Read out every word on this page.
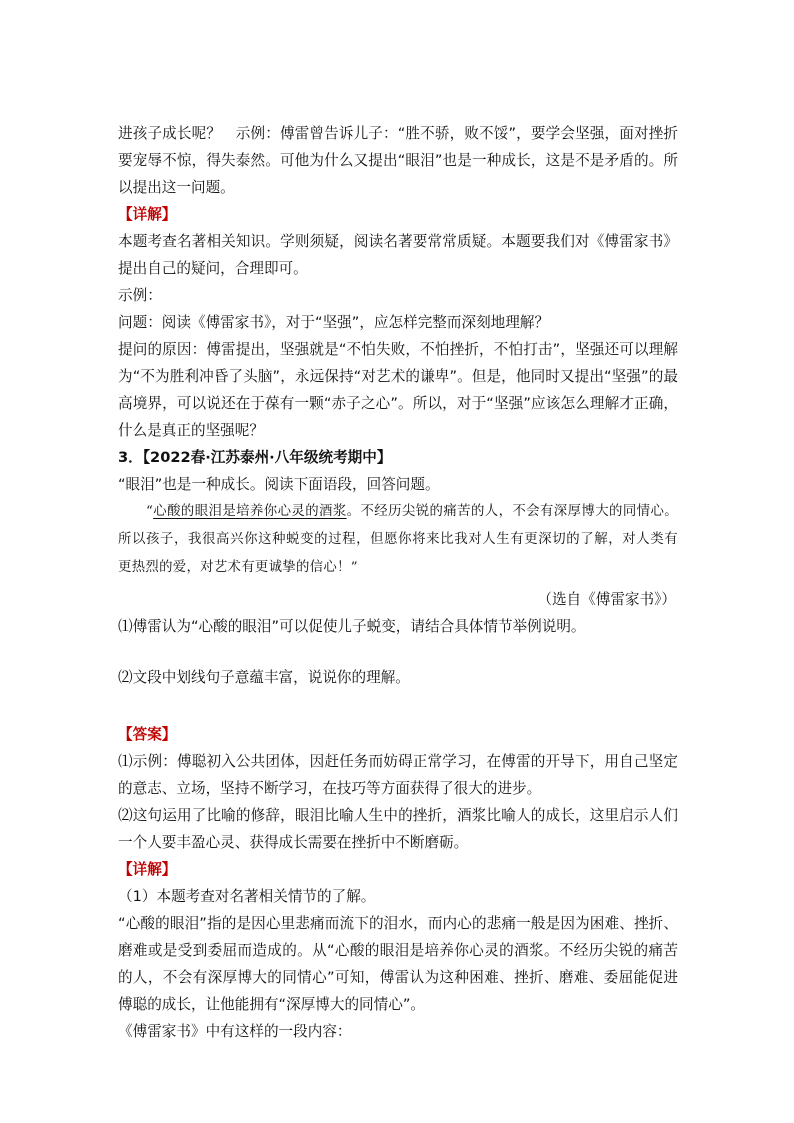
进孩子成长呢？　示例：傅雷曾告诉儿子：“胜不骄，败不馁”，要学会坚强，面对挫折要宠辱不惊，得失泰然。可他为什么又提出“眼泪”也是一种成长，这是不是矛盾的。所以提出这一问题。

【详解】

本题考查名著相关知识。学则须疑，阅读名著要常常质疑。本题要我们对《傅雷家书》提出自己的疑问，合理即可。

示例：

问题：阅读《傅雷家书》，对于“坚强”，应怎样完整而深刻地理解？

提问的原因：傅雷提出，坚强就是“不怕失败，不怕挫折，不怕打击”，坚强还可以理解为“不为胜利冲昏了头脑”，永远保持“对艺术的谦卑”。但是，他同时又提出“坚强”的最高境界，可以说还在于葆有一颗“赤子之心”。所以，对于“坚强”应该怎么理解才正确，什么是真正的坚强呢？

3．【2022春·江苏泰州·八年级统考期中】

“眼泪”也是一种成长。阅读下面语段，回答问题。

“心酸的眼泪是培养你心灵的酒浆。不经历尖锐的痛苦的人，不会有深厚博大的同情心。所以孩子，我很高兴你这种蜕变的过程，但愿你将来比我对人生有更深切的了解，对人类有更热烈的爱，对艺术有更诚挚的信心！”

（选自《傅雷家书》）

⑴傅雷认为“心酸的眼泪”可以促使儿子蜕变，请结合具体情节举例说明。

⑵文段中划线句子意蕴丰富，说说你的理解。

【答案】

⑴示例：傅聪初入公共团体，因赶任务而妨碍正常学习，在傅雷的开导下，用自己坚定的意志、立场，坚持不断学习，在技巧等方面获得了很大的进步。

⑵这句运用了比喻的修辞，眼泪比喻人生中的挫折，酒浆比喻人的成长，这里启示人们一个人要丰盈心灵、获得成长需要在挫折中不断磨砺。

【详解】

（1）本题考查对名著相关情节的了解。

“心酸的眼泪”指的是因心里悲痛而流下的泪水，而内心的悲痛一般是因为困难、挫折、磨难或是受到委屈而造成的。从“心酸的眼泪是培养你心灵的酒浆。不经历尖锐的痛苦的人，不会有深厚博大的同情心”可知，傅雷认为这种困难、挫折、磨难、委屈能促进傅聪的成长，让他能拥有“深厚博大的同情心”。

《傅雷家书》中有这样的一段内容：
